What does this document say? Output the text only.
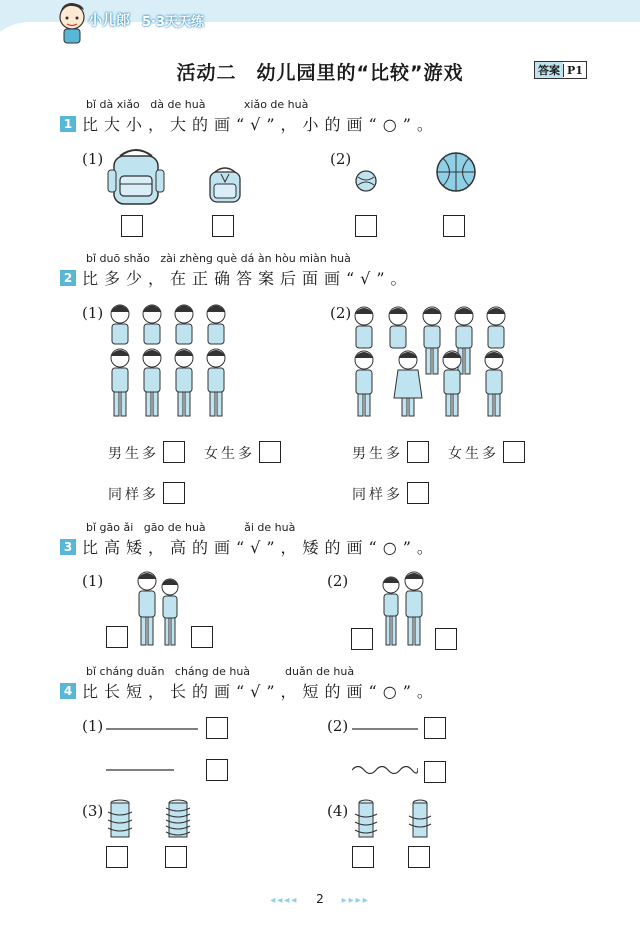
小儿郎 5·3天天练
活动二　幼儿园里的“比较”游戏	答案 P1
bǐ dà xiǎo   dà de huà           xiǎo de huà
1 比大小，大的画“√”，小的画“○”。
(1)	(2)
bǐ duō shǎo   zài zhèng què dá àn hòu miàn huà
2 比多少，在正确答案后面画“√”。
(1)	(2)
男生多	女生多
同样多
男生多	女生多
同样多
bǐ gāo ǎi   gāo de huà           ǎi de huà
3 比高矮，高的画“√”，矮的画“○”。
(1)	(2)
bǐ cháng duǎn   cháng de huà          duǎn de huà
4 比长短，长的画“√”，短的画“○”。
(1)	(2)
(3)	(4)
◂◂◂◂ 2 ▸▸▸▸
